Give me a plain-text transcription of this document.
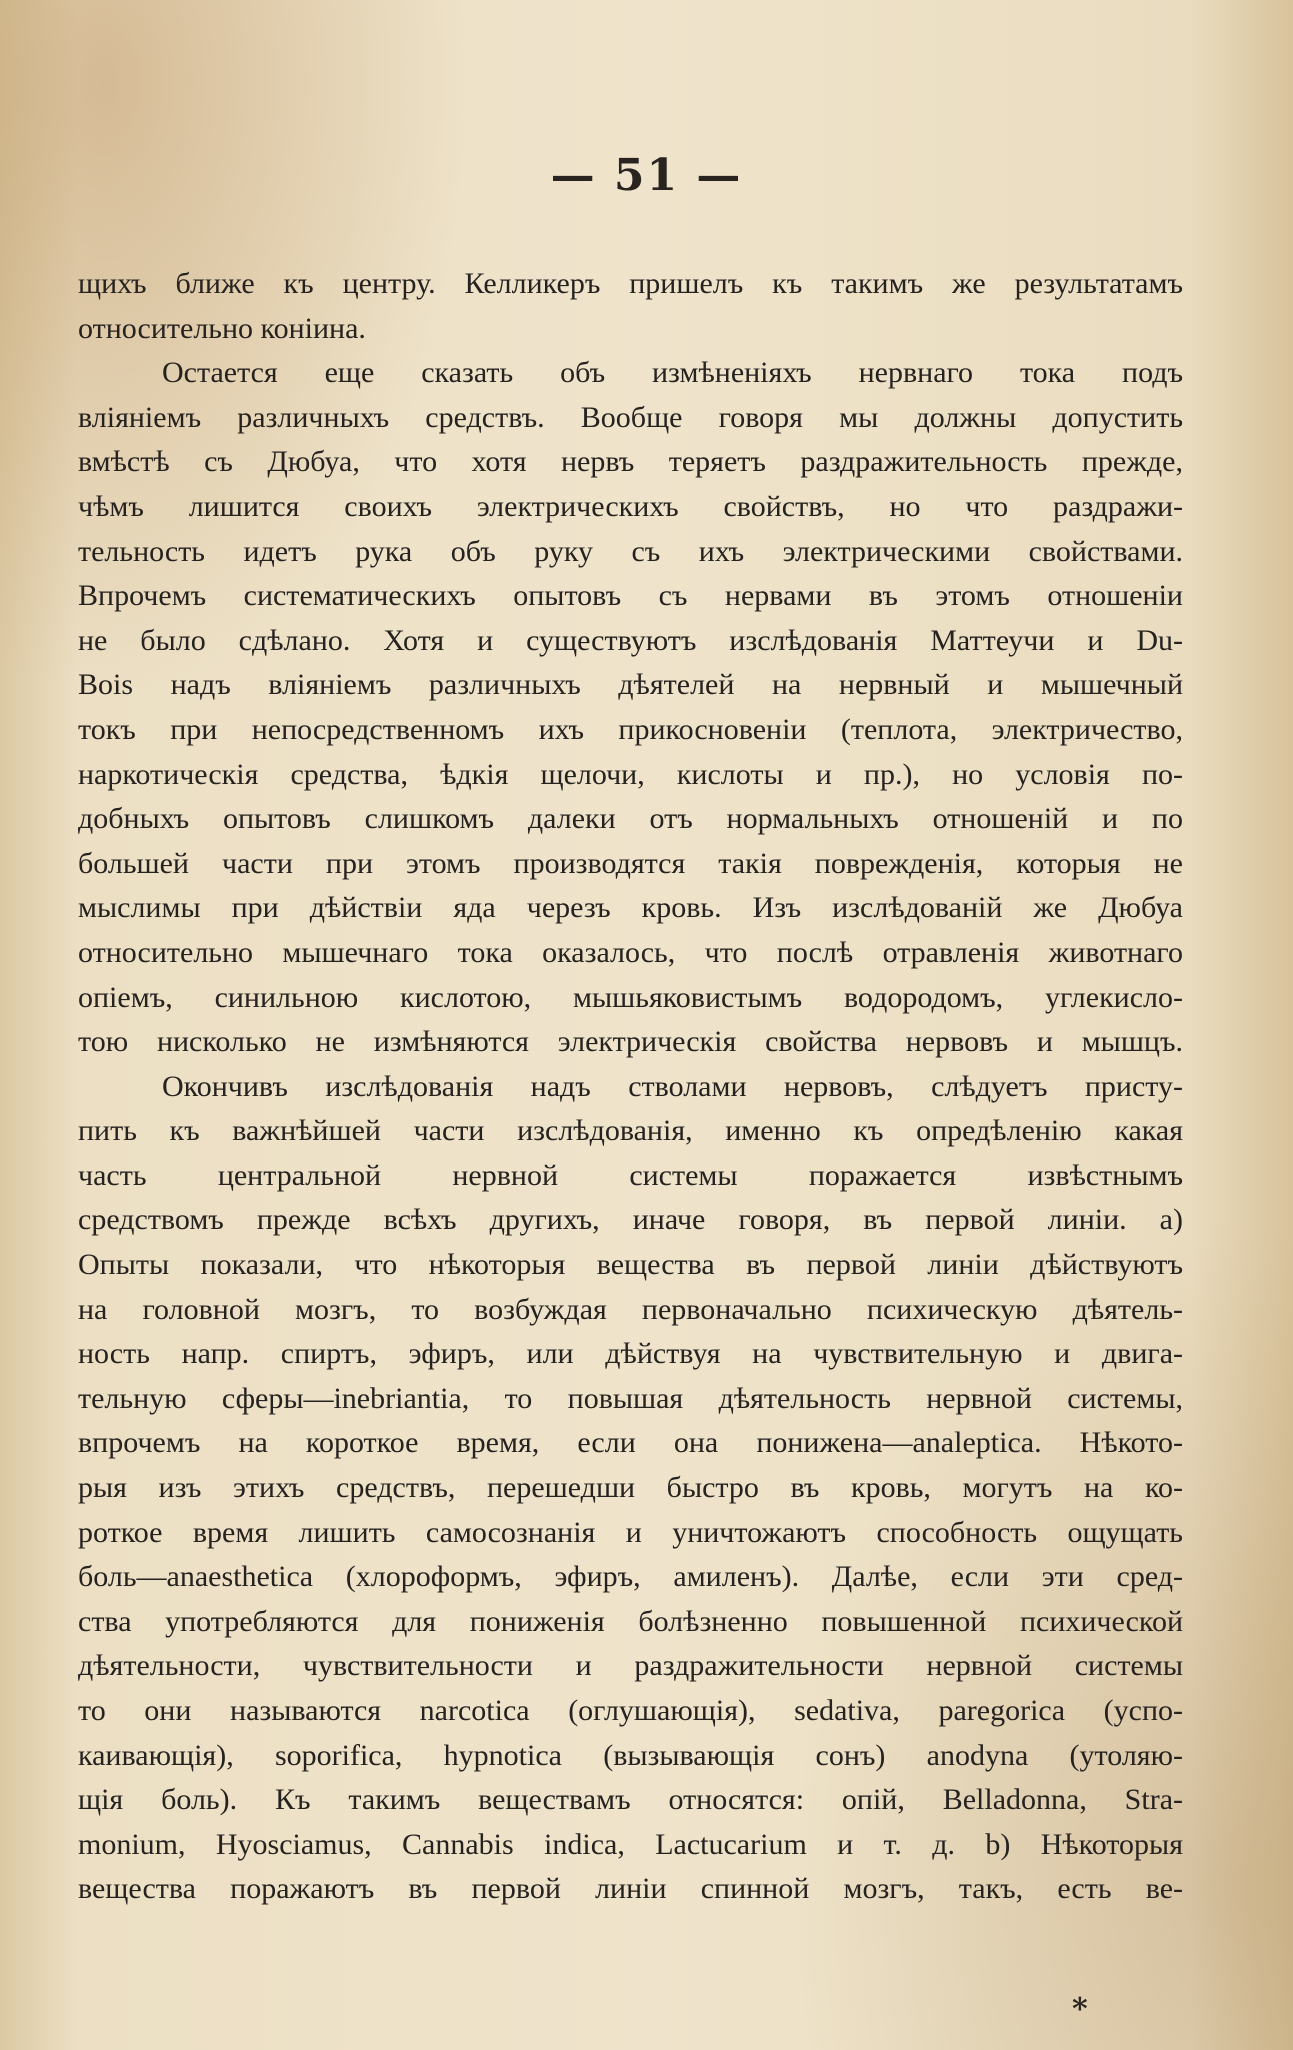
— 51 —
щихъ ближе къ центру. Келликеръ пришелъ къ такимъ же результатамъ
относительно коніина.
Остается еще сказать объ измѣненіяхъ нервнаго тока подъ
вліяніемъ различныхъ средствъ. Вообще говоря мы должны допустить
вмѣстѣ съ Дюбуа, что хотя нервъ теряетъ раздражительность прежде,
чѣмъ лишится своихъ электрическихъ свойствъ, но что раздражи-
тельность идетъ рука объ руку съ ихъ электрическими свойствами.
Впрочемъ систематическихъ опытовъ съ нервами въ этомъ отношеніи
не было сдѣлано. Хотя и существуютъ изслѣдованія Маттеучи и Du-
Bois надъ вліяніемъ различныхъ дѣятелей на нервный и мышечный
токъ при непосредственномъ ихъ прикосновеніи (теплота, электричество,
наркотическія средства, ѣдкія щелочи, кислоты и пр.), но условія по-
добныхъ опытовъ слишкомъ далеки отъ нормальныхъ отношеній и по
большей части при этомъ производятся такія поврежденія, которыя не
мыслимы при дѣйствіи яда черезъ кровь. Изъ изслѣдованій же Дюбуа
относительно мышечнаго тока оказалось, что послѣ отравленія животнаго
опіемъ, синильною кислотою, мышьяковистымъ водородомъ, углекисло-
тою нисколько не измѣняются электрическія свойства нервовъ и мышцъ.
Окончивъ изслѣдованія надъ стволами нервовъ, слѣдуетъ присту-
пить къ важнѣйшей части изслѣдованія, именно къ опредѣленію какая
часть центральной нервной системы поражается извѣстнымъ
средствомъ прежде всѣхъ другихъ, иначе говоря, въ первой линіи. а)
Опыты показали, что нѣкоторыя вещества въ первой линіи дѣйствуютъ
на головной мозгъ, то возбуждая первоначально психическую дѣятель-
ность напр. спиртъ, эфиръ, или дѣйствуя на чувствительную и двига-
тельную сферы—inebriantia, то повышая дѣятельность нервной системы,
впрочемъ на короткое время, если она понижена—analeptica. Нѣкото-
рыя изъ этихъ средствъ, перешедши быстро въ кровь, могутъ на ко-
роткое время лишить самосознанія и уничтожаютъ способность ощущать
боль—anaesthetica (хлороформъ, эфиръ, амиленъ). Далѣе, если эти сред-
ства употребляются для пониженія болѣзненно повышенной психической
дѣятельности, чувствительности и раздражительности нервной системы
то они называются narcotica (оглушающія), sedativa, paregorica (успо-
каивающія), soporifica, hypnotica (вызывающія сонъ) anodyna (утоляю-
щія боль). Къ такимъ веществамъ относятся: опій, Belladonna, Stra-
monium, Hyosciamus, Cannabis indica, Lactucarium и т. д. b) Нѣкоторыя
вещества поражаютъ въ первой линіи спинной мозгъ, такъ, есть ве-
*
